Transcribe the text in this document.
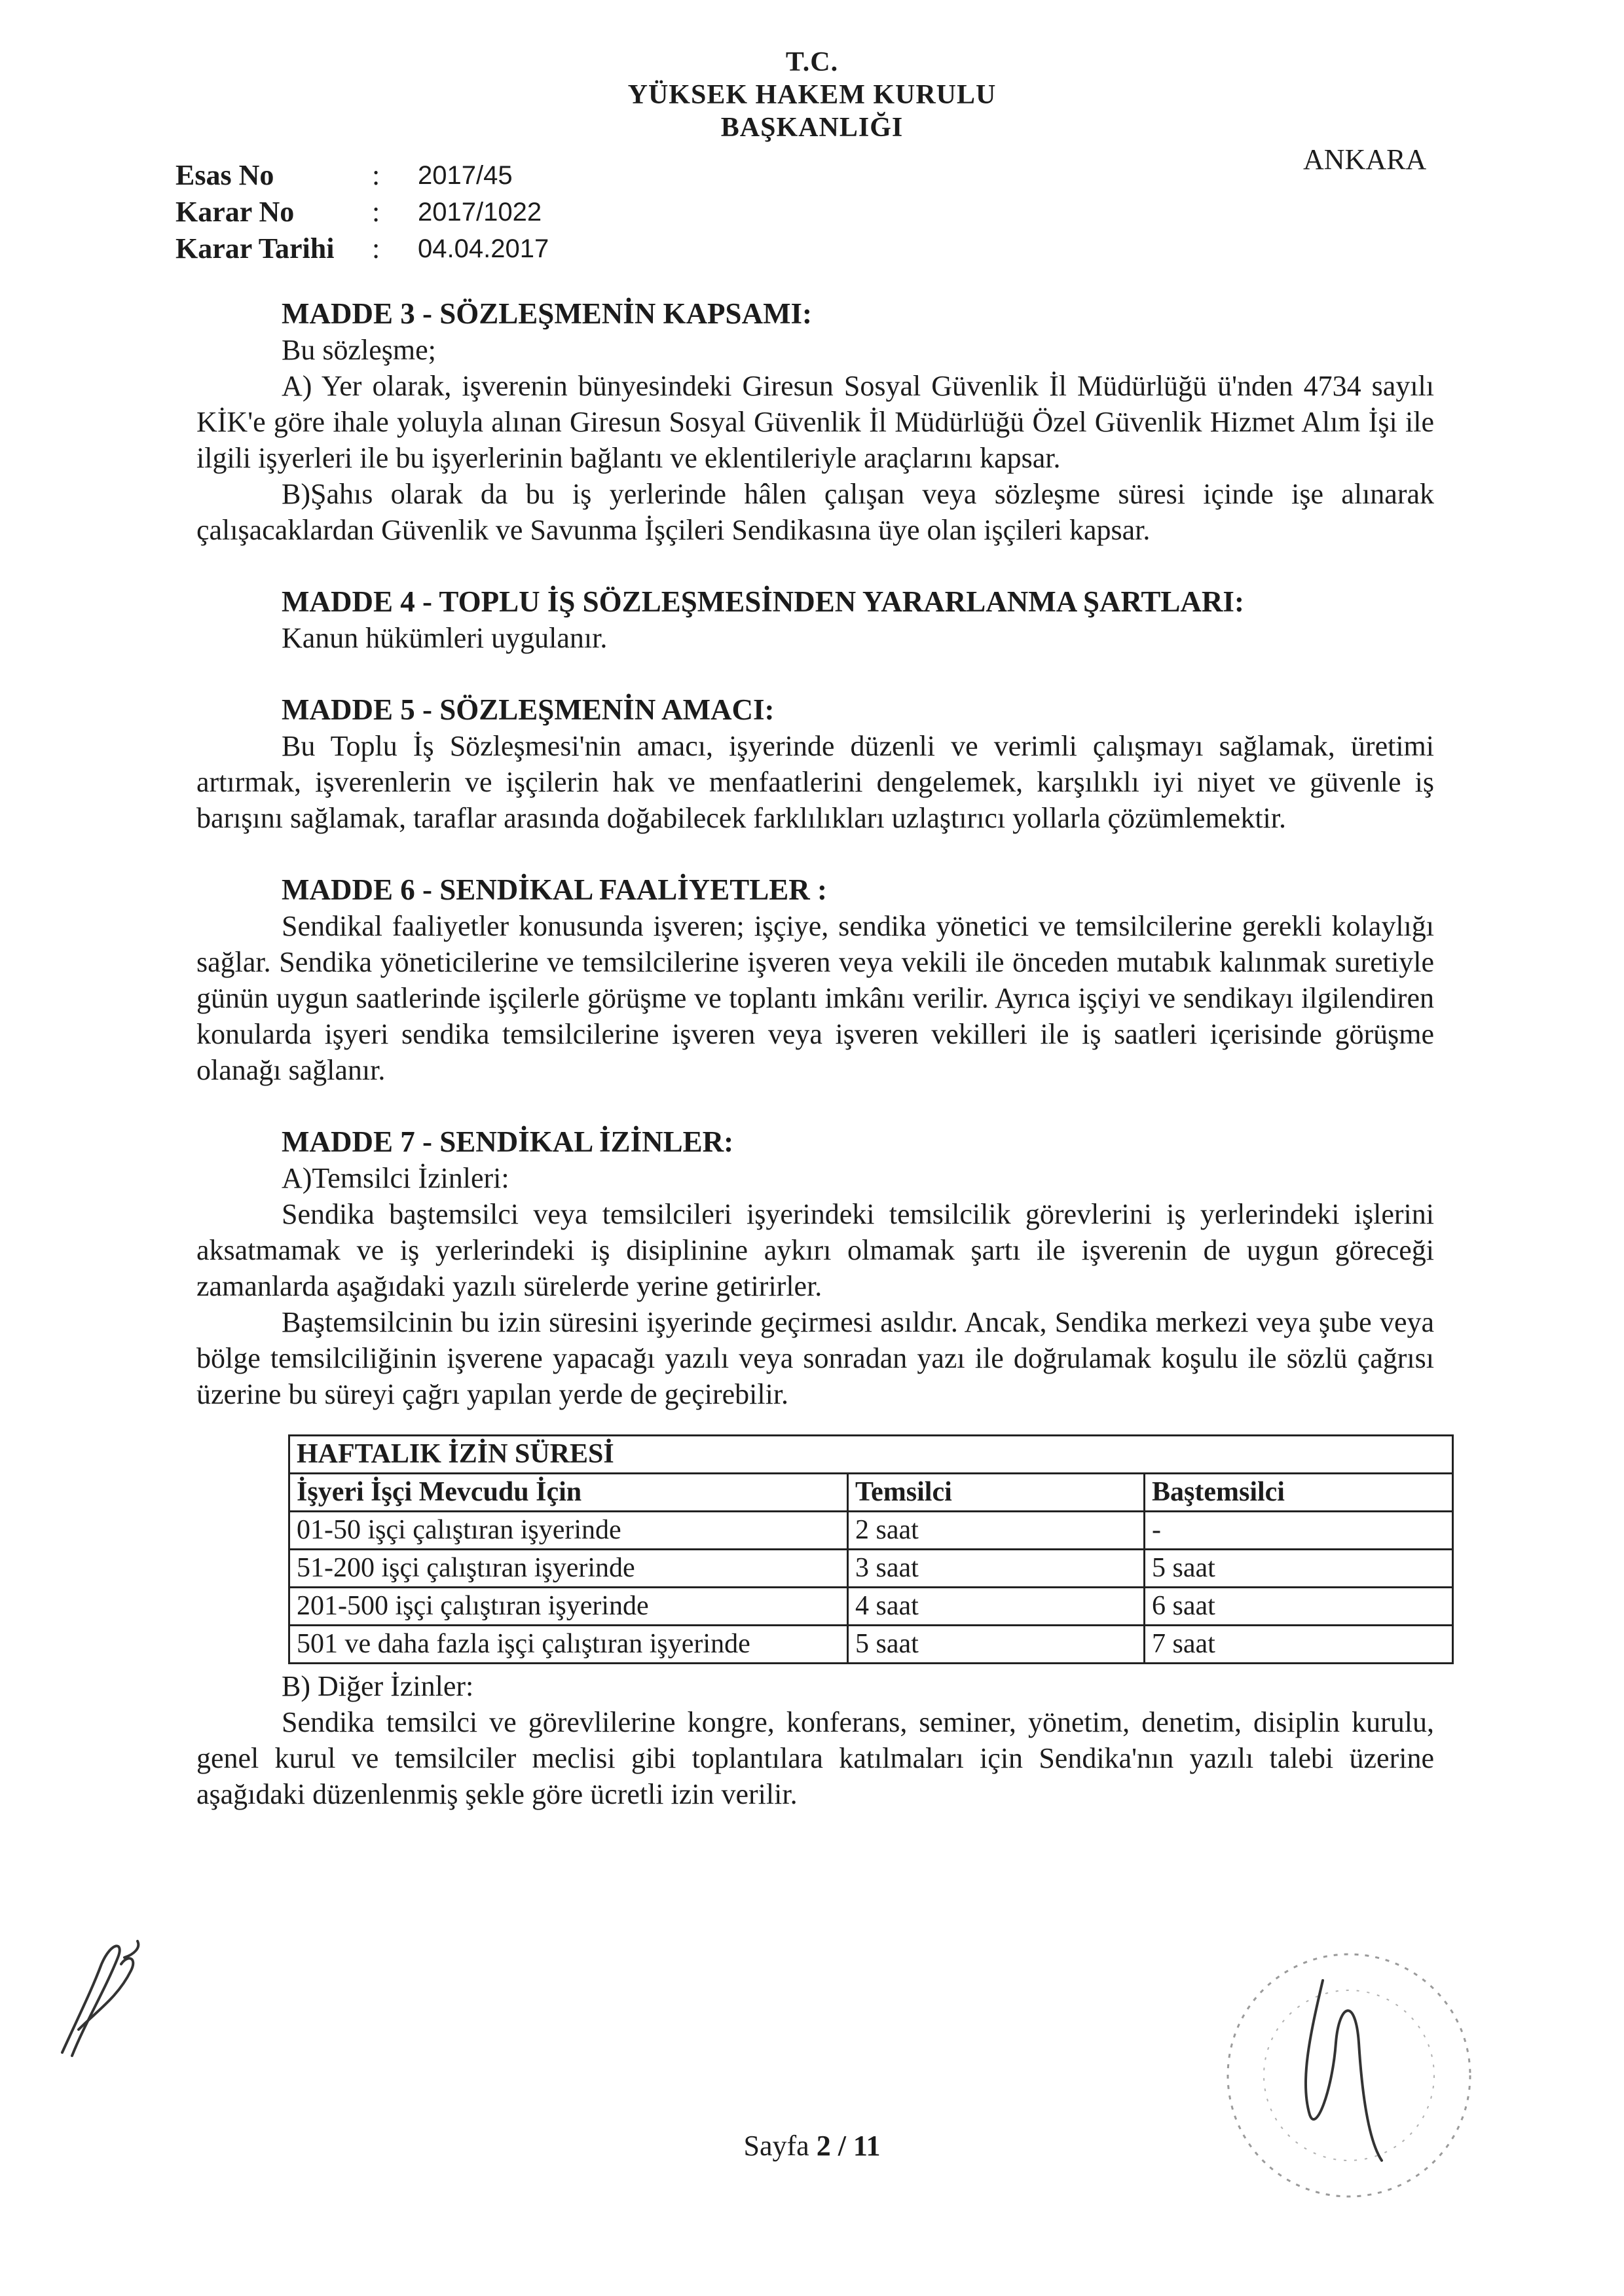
T.C.
YÜKSEK HAKEM KURULU
BAŞKANLIĞI
ANKARA
Esas No	:	2017/45
Karar No	:	2017/1022
Karar Tarihi	:	04.04.2017

MADDE 3 - SÖZLEŞMENİN KAPSAMI:

Bu sözleşme;

A) Yer olarak, işverenin bünyesindeki Giresun Sosyal Güvenlik İl Müdürlüğü ü'nden 4734 sayılı KİK'e göre ihale yoluyla alınan Giresun Sosyal Güvenlik İl Müdürlüğü Özel Güvenlik Hizmet Alım İşi ile ilgili işyerleri ile bu işyerlerinin bağlantı ve eklentileriyle araçlarını kapsar.

B)Şahıs olarak da bu iş yerlerinde hâlen çalışan veya sözleşme süresi içinde işe alınarak çalışacaklardan Güvenlik ve Savunma İşçileri Sendikasına üye olan işçileri kapsar.

MADDE 4 - TOPLU İŞ SÖZLEŞMESİNDEN YARARLANMA ŞARTLARI:

Kanun hükümleri uygulanır.

MADDE 5 - SÖZLEŞMENİN AMACI:

Bu Toplu İş Sözleşmesi'nin amacı, işyerinde düzenli ve verimli çalışmayı sağlamak, üretimi artırmak, işverenlerin ve işçilerin hak ve menfaatlerini dengelemek, karşılıklı iyi niyet ve güvenle iş barışını sağlamak, taraflar arasında doğabilecek farklılıkları uzlaştırıcı yollarla çözümlemektir.

MADDE 6 - SENDİKAL FAALİYETLER :

Sendikal faaliyetler konusunda işveren; işçiye, sendika yönetici ve temsilcilerine gerekli kolaylığı sağlar. Sendika yöneticilerine ve temsilcilerine işveren veya vekili ile önceden mutabık kalınmak suretiyle günün uygun saatlerinde işçilerle görüşme ve toplantı imkânı verilir. Ayrıca işçiyi ve sendikayı ilgilendiren konularda işyeri sendika temsilcilerine işveren veya işveren vekilleri ile iş saatleri içerisinde görüşme olanağı sağlanır.

MADDE 7 - SENDİKAL İZİNLER:

A)Temsilci İzinleri:

Sendika baştemsilci veya temsilcileri işyerindeki temsilcilik görevlerini iş yerlerindeki işlerini aksatmamak ve iş yerlerindeki iş disiplinine aykırı olmamak şartı ile işverenin de uygun göreceği zamanlarda aşağıdaki yazılı sürelerde yerine getirirler.

Baştemsilcinin bu izin süresini işyerinde geçirmesi asıldır. Ancak, Sendika merkezi veya şube veya bölge temsilciliğinin işverene yapacağı yazılı veya sonradan yazı ile doğrulamak koşulu ile sözlü çağrısı üzerine bu süreyi çağrı yapılan yerde de geçirebilir.

HAFTALIK İZİN SÜRESİ		
İşyeri İşçi Mevcudu İçin	Temsilci	Baştemsilci
01-50 işçi çalıştıran işyerinde	2 saat	-
51-200 işçi çalıştıran işyerinde	3 saat	5 saat
201-500 işçi çalıştıran işyerinde	4 saat	6 saat
501 ve daha fazla işçi çalıştıran işyerinde	5 saat	7 saat

B) Diğer İzinler:

Sendika temsilci ve görevlilerine kongre, konferans, seminer, yönetim, denetim, disiplin kurulu, genel kurul ve temsilciler meclisi gibi toplantılara katılmaları için Sendika'nın yazılı talebi üzerine aşağıdaki düzenlenmiş şekle göre ücretli izin verilir.

Sayfa 2 / 11
